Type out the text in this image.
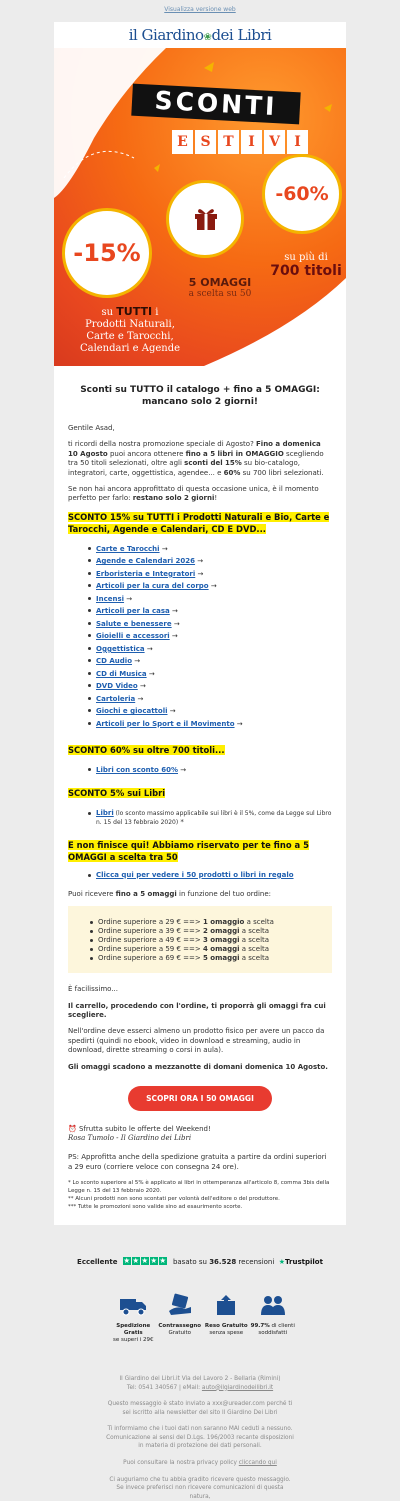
Visualizza versione web
il Giardino❀dei Libri
SCONTI
E S T I V I
-60%
-15%	su più di
700 titoli
5 OMAGGI
a scelta su 50
su TUTTI i
Prodotti Naturali,
Carte e Tarocchi,
Calendari e Agende
Sconti su TUTTO il catalogo + fino a 5 OMAGGI: mancano solo 2 giorni!

Gentile Asad,

ti ricordi della nostra promozione speciale di Agosto? Fino a domenica 10 Agosto puoi ancora ottenere fino a 5 libri in OMAGGIO scegliendo tra 50 titoli selezionati, oltre agli sconti del 15% su bio-catalogo, integratori, carte, oggettistica, agendee... e 60% su 700 libri selezionati.

Se non hai ancora approfittato di questa occasione unica, è il momento perfetto per farlo: restano solo 2 giorni!

SCONTO 15% su TUTTI i Prodotti Naturali e Bio, Carte e Tarocchi, Agende e Calendari, CD E DVD...
Carte e Tarocchi →
Agende e Calendari 2026 →
Erboristeria e Integratori →
Articoli per la cura del corpo →
Incensi →
Articoli per la casa →
Salute e benessere →
Gioielli e accessori →
Oggettistica →
CD Audio →
CD di Musica →
DVD Video →
Cartoleria →
Giochi e giocattoli →
Articoli per lo Sport e il Movimento →
SCONTO 60% su oltre 700 titoli...
Libri con sconto 60% →
SCONTO 5% sui Libri
Libri (lo sconto massimo applicabile sui libri è il 5%, come da Legge sul Libro n. 15 del 13 febbraio 2020) *
E non finisce qui! Abbiamo riservato per te fino a 5 OMAGGI a scelta tra 50
Clicca qui per vedere i 50 prodotti o libri in regalo

Puoi ricevere fino a 5 omaggi in funzione del tuo ordine:

Ordine superiore a 29 € ==> 1 omaggio a scelta
Ordine superiore a 39 € ==> 2 omaggi a scelta
Ordine superiore a 49 € ==> 3 omaggi a scelta
Ordine superiore a 59 € ==> 4 omaggi a scelta
Ordine superiore a 69 € ==> 5 omaggi a scelta

È facilissimo...

Il carrello, procedendo con l'ordine, ti proporrà gli omaggi fra cui scegliere.

Nell'ordine deve esserci almeno un prodotto fisico per avere un pacco da spedirti (quindi no ebook, video in download e streaming, audio in download, dirette streaming o corsi in aula).

Gli omaggi scadono a mezzanotte di domani domenica 10 Agosto.

SCOPRI ORA I 50 OMAGGI
⏰ Sfrutta subito le offerte del Weekend!
Rosa Tumolo - Il Giardino dei Libri

PS: Approfitta anche della spedizione gratuita a partire da ordini superiori a 29 euro (corriere veloce con consegna 24 ore).

* Lo sconto superiore al 5% è applicato ai libri in ottemperanza all'articolo 8, comma 3bis della Legge n. 15 del 13 febbraio 2020.
** Alcuni prodotti non sono scontati per volontà dell'editore o del produttore.
*** Tutte le promozioni sono valide sino ad esaurimento scorte.
Eccellente ★ ★ ★ ★ ★	basato su 36.528 recensioni ★Trustpilot
Spedizione Gratis
se superi i 29€
Contrassegno
Gratuito
Reso Gratuito
senza spese
99.7% di clienti soddisfatti

Il Giardino dei Libri.it Via del Lavoro 2 - Bellaria (Rimini)
Tel: 0541 340567 | eMail: auto@ilgiardinodeilibri.it

Questo messaggio è stato inviato a xxx@ureader.com perché ti sei iscritto alla newsletter del sito Il Giardino Dei Libri

Ti informiamo che i tuoi dati non saranno MAI ceduti a nessuno. Comunicazione ai sensi del D.Lgs. 196/2003 recante disposizioni in materia di protezione dei dati personali.

Puoi consultare la nostra privacy policy cliccando qui

Ci auguriamo che tu abbia gradito ricevere questo messaggio. Se invece preferisci non ricevere comunicazioni di questa natura,
